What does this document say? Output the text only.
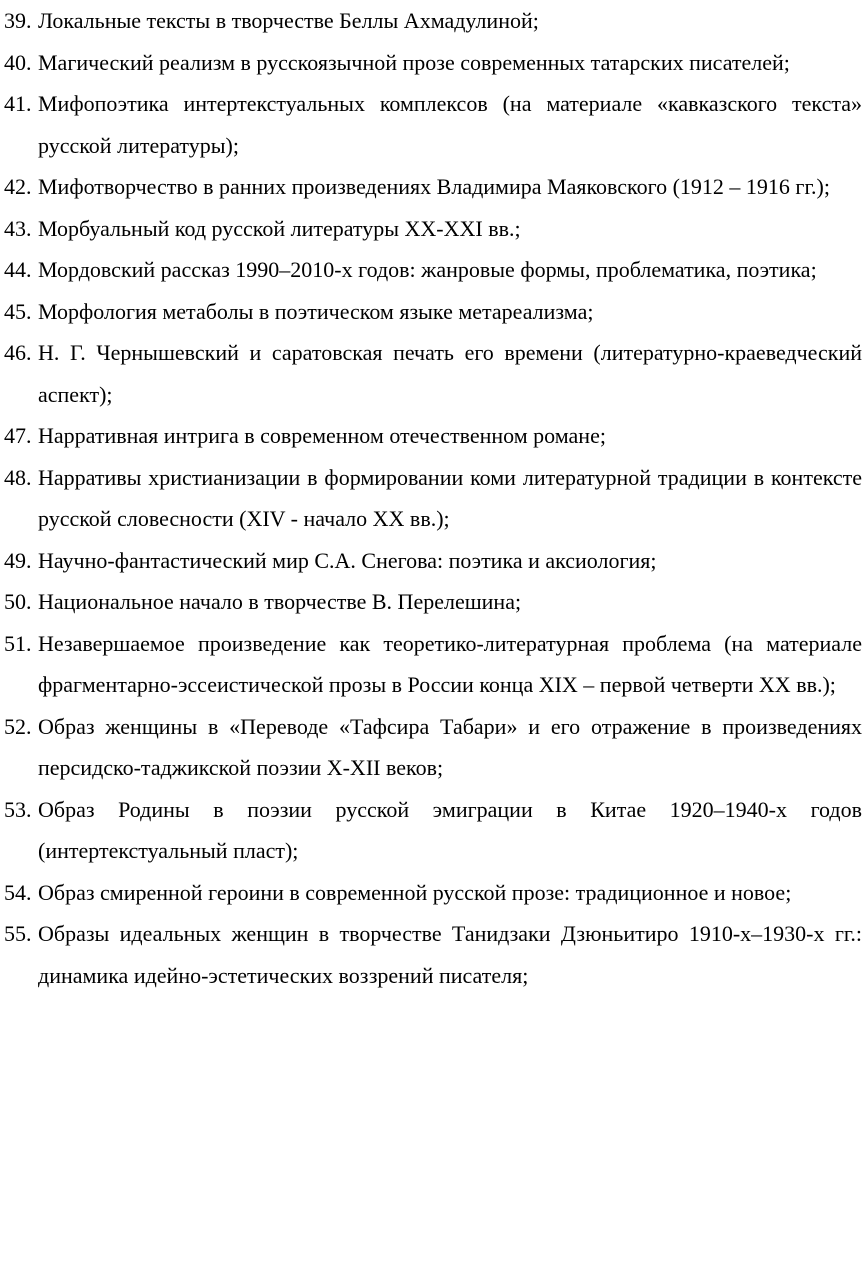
39. Локальные тексты в творчестве Беллы Ахмадулиной;
40. Магический реализм в русскоязычной прозе современных татарских писателей;
41. Мифопоэтика интертекстуальных комплексов (на материале «кавказского текста» русской литературы);
42. Мифотворчество в ранних произведениях Владимира Маяковского (1912 – 1916 гг.);
43. Морбуальный код русской литературы XX-XXI вв.;
44. Мордовский рассказ 1990–2010-х годов: жанровые формы, проблематика, поэтика;
45. Морфология метаболы в поэтическом языке метареализма;
46. Н. Г. Чернышевский и саратовская печать его времени (литературно-краеведческий аспект);
47. Нарративная интрига в современном отечественном романе;
48. Нарративы христианизации в формировании коми литературной традиции в контексте русской словесности (XIV - начало XX вв.);
49. Научно-фантастический мир С.А. Снегова: поэтика и аксиология;
50. Национальное начало в творчестве В. Перелешина;
51. Незавершаемое произведение как теоретико-литературная проблема (на материале фрагментарно-эссеистической прозы в России конца XIX – первой четверти XX вв.);
52. Образ женщины в «Переводе «Тафсира Табари» и его отражение в произведениях персидско-таджикской поэзии X-XII веков;
53. Образ Родины в поэзии русской эмиграции в Китае 1920–1940-х годов (интертекстуальный пласт);
54. Образ смиренной героини в современной русской прозе: традиционное и новое;
55. Образы идеальных женщин в творчестве Танидзаки Дзюньитиро 1910-х–1930-х гг.: динамика идейно-эстетических воззрений писателя;
